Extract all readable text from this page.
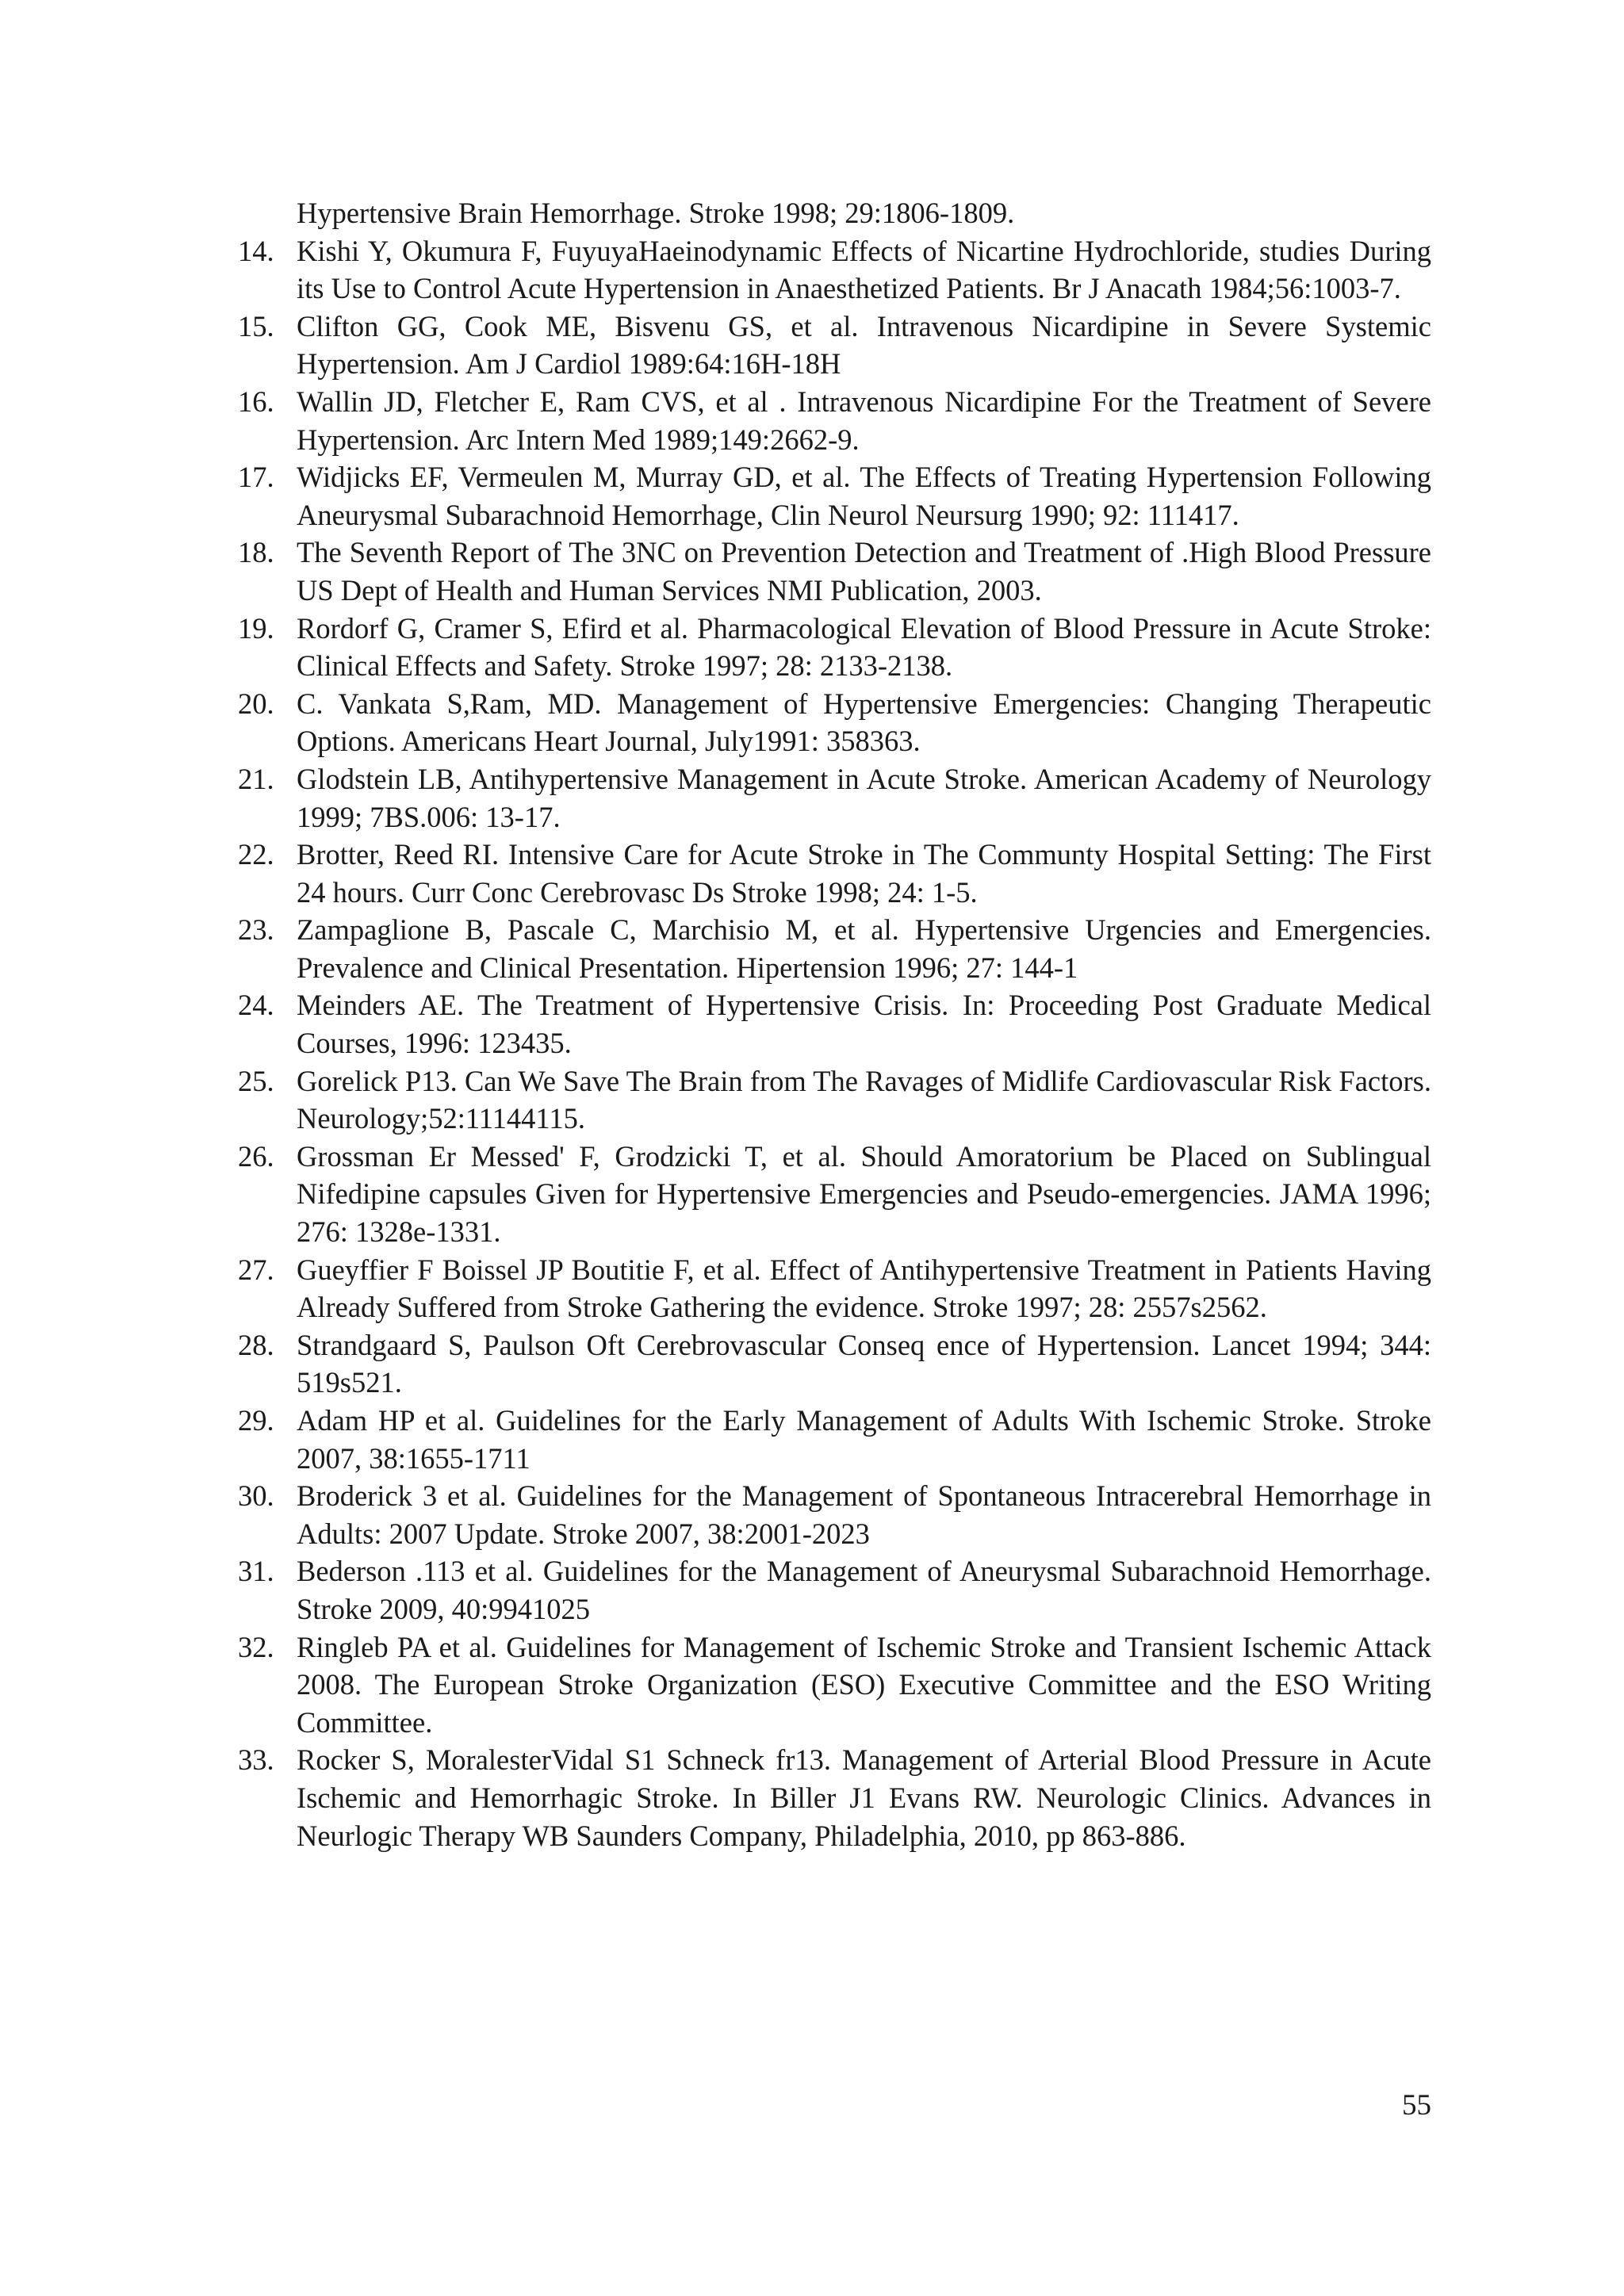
Hypertensive Brain Hemorrhage. Stroke 1998; 29:1806-1809.

14. Kishi Y, Okumura F, FuyuyaHaeinodynamic Effects of Nicartine Hydrochloride, studies During its Use to Control Acute Hypertension in Anaesthetized Patients. Br J Anacath 1984;56:1003-7.
15. Clifton GG, Cook ME, Bisvenu GS, et al. Intravenous Nicardipine in Severe Systemic Hypertension. Am J Cardiol 1989:64:16H-18H
16. Wallin JD, Fletcher E, Ram CVS, et al . Intravenous Nicardipine For the Treatment of Severe Hypertension. Arc Intern Med 1989;149:2662-9.
17. Widjicks EF, Vermeulen M, Murray GD, et al. The Effects of Treating Hypertension Following Aneurysmal Subarachnoid Hemorrhage, Clin Neurol Neursurg 1990; 92: 111417.
18. The Seventh Report of The 3NC on Prevention Detection and Treatment of .High Blood Pressure US Dept of Health and Human Services NMI Publication, 2003.
19. Rordorf G, Cramer S, Efird et al. Pharmacological Elevation of Blood Pressure in Acute Stroke: Clinical Effects and Safety. Stroke 1997; 28: 2133-2138.
20. C. Vankata S,Ram, MD. Management of Hypertensive Emergencies: Changing Therapeutic Options. Americans Heart Journal, July1991: 358363.
21. Glodstein LB, Antihypertensive Management in Acute Stroke. American Academy of Neurology 1999; 7BS.006: 13-17.
22. Brotter, Reed RI. Intensive Care for Acute Stroke in The Communty Hospital Setting: The First 24 hours. Curr Conc Cerebrovasc Ds Stroke 1998; 24: 1-5.
23. Zampaglione B, Pascale C, Marchisio M, et al. Hypertensive Urgencies and Emergencies. Prevalence and Clinical Presentation. Hipertension 1996; 27: 144-1
24. Meinders AE. The Treatment of Hypertensive Crisis. In: Proceeding Post Graduate Medical Courses, 1996: 123435.
25. Gorelick P13. Can We Save The Brain from The Ravages of Midlife Cardiovascular Risk Factors. Neurology;52:11144115.
26. Grossman Er Messed' F, Grodzicki T, et al. Should Amoratorium be Placed on Sublingual Nifedipine capsules Given for Hypertensive Emergencies and Pseudo-emergencies. JAMA 1996; 276: 1328e-1331.
27. Gueyffier F Boissel JP Boutitie F, et al. Effect of Antihypertensive Treatment in Patients Having Already Suffered from Stroke Gathering the evidence. Stroke 1997; 28: 2557s2562.
28. Strandgaard S, Paulson Oft Cerebrovascular Conseq ence of Hypertension. Lancet 1994; 344: 519s521.
29. Adam HP et al. Guidelines for the Early Management of Adults With Ischemic Stroke. Stroke 2007, 38:1655-1711
30. Broderick 3 et al. Guidelines for the Management of Spontaneous Intracerebral Hemorrhage in Adults: 2007 Update. Stroke 2007, 38:2001-2023
31. Bederson .113 et al. Guidelines for the Management of Aneurysmal Subarachnoid Hemorrhage. Stroke 2009, 40:9941025
32. Ringleb PA et al. Guidelines for Management of Ischemic Stroke and Transient Ischemic Attack 2008. The European Stroke Organization (ESO) Executive Committee and the ESO Writing Committee.
33. Rocker S, MoralesterVidal S1 Schneck fr13. Management of Arterial Blood Pressure in Acute Ischemic and Hemorrhagic Stroke. In Biller J1 Evans RW. Neurologic Clinics. Advances in Neurlogic Therapy WB Saunders Company, Philadelphia, 2010, pp 863-886.
55
